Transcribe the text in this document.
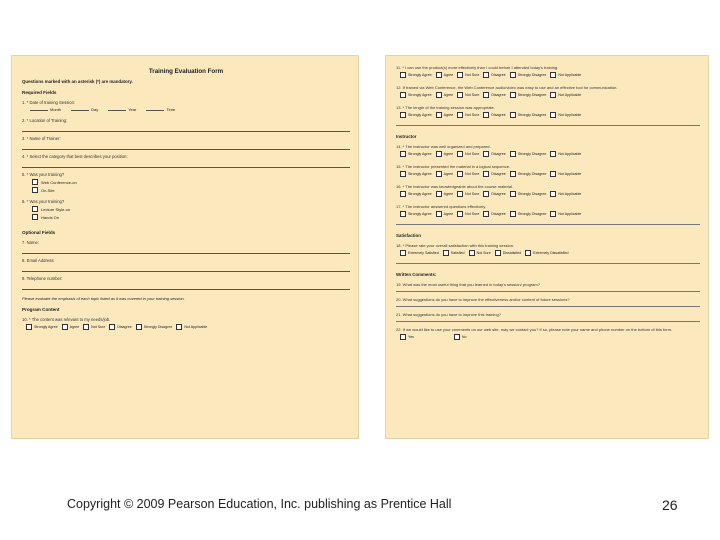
Training Evaluation Form
Questions marked with an asterisk (*) are mandatory.
Required Fields
1. * Date of training Session:
Month	Day	Year	Time
2. * Location of Training:
3. * Name of Trainer:
4. * Select the category that best describes your position:
5. * Was your training?
Web Conference-on
On-Site
6. * Was your training?
Lecture Style-on
Hands On
Optional Fields
7. Name:
8. Email Address:
9. Telephone number:
Please evaluate the emphasis of each topic listed as it was covered in your training session.
Program Content
10. * The content was relevant to my needs/job.
Strongly Agree	Agree	Not Sure	Disagree	Strongly Disagree	Not Applicable
11. * I can use the product(s) more effectively than I could before I attended today's training.
Strongly Agree	Agree	Not Sure	Disagree	Strongly Disagree	Not Applicable
12. If trained via Web Conference, the Web Conference audio/video was easy to use and an effective tool for communication.
Strongly Agree	Agree	Not Sure	Disagree	Strongly Disagree	Not Applicable
13. * The length of the training session was appropriate.
Strongly Agree	Agree	Not Sure	Disagree	Strongly Disagree	Not Applicable
Instructor
14. * The instructor was well organized and prepared.
Strongly Agree	Agree	Not Sure	Disagree	Strongly Disagree	Not Applicable
15. * The instructor presented the material in a logical sequence.
Strongly Agree	Agree	Not Sure	Disagree	Strongly Disagree	Not Applicable
16. * The instructor was knowledgeable about the course material.
Strongly Agree	Agree	Not Sure	Disagree	Strongly Disagree	Not Applicable
17. * The instructor answered questions effectively.
Strongly Agree	Agree	Not Sure	Disagree	Strongly Disagree	Not Applicable
Satisfaction
18. * Please rate your overall satisfaction with this training session.
Extremely Satisfied	Satisfied	Not Sure	Dissatisfied	Extremely Dissatisfied
Written Comments:
19. What was the most useful thing that you learned in today's session/ program?
20. What suggestions do you have to improve the effectiveness and/or content of future sessions?
21. What suggestions do you have to improve this training?
22. If we would like to use your comments on our web site, may we contact you? If so, please note your name and phone number on the bottom of this form.
Yes	No
Copyright © 2009 Pearson Education, Inc. publishing as Prentice Hall	26
